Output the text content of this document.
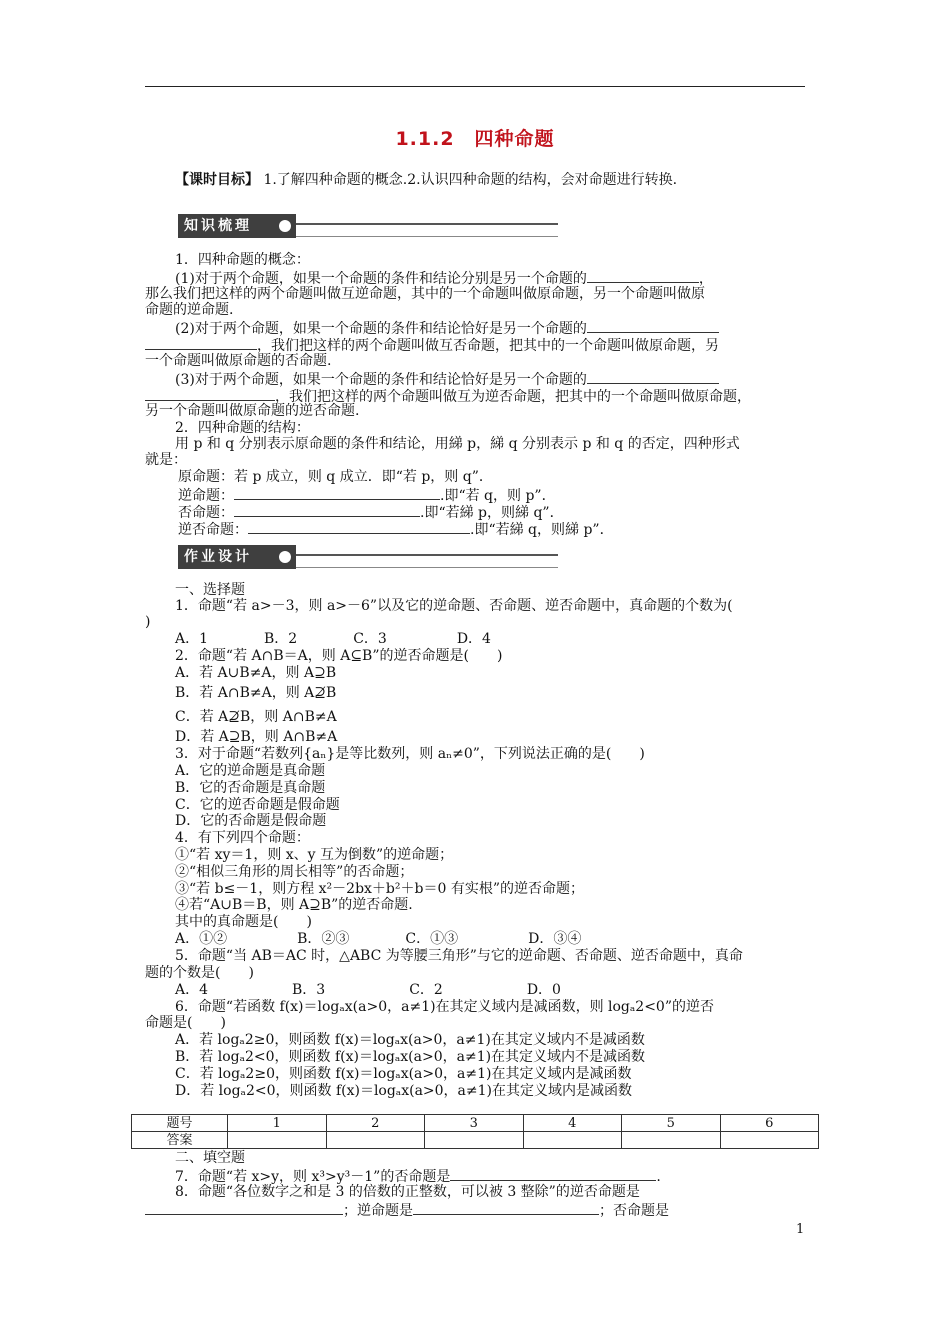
1.1.2　四种命题
【课时目标】 1.了解四种命题的概念.2.认识四种命题的结构，会对命题进行转换.
知识梳理
1．四种命题的概念：
(1)对于两个命题，如果一个命题的条件和结论分别是另一个命题的	，
那么我们把这样的两个命题叫做互逆命题，其中的一个命题叫做原命题，另一个命题叫做原
命题的逆命题.
(2)对于两个命题，如果一个命题的条件和结论恰好是另一个命题的
，我们把这样的两个命题叫做互否命题，把其中的一个命题叫做原命题，另
一个命题叫做原命题的否命题.
(3)对于两个命题，如果一个命题的条件和结论恰好是另一个命题的
，我们把这样的两个命题叫做互为逆否命题，把其中的一个命题叫做原命题，
另一个命题叫做原命题的逆否命题.
2．四种命题的结构：
用 p 和 q 分别表示原命题的条件和结论，用綈 p，綈 q 分别表示 p 和 q 的否定，四种形式
就是：
原命题：若 p 成立，则 q 成立．即“若 p，则 q”．
逆命题：	.即“若 q，则 p”．
否命题：	.即“若綈 p，则綈 q”．
逆否命题：	.即“若綈 q，则綈 p”．
作业设计
一、选择题
1．命题“若 a>－3，则 a>－6”以及它的逆命题、否命题、逆否命题中，真命题的个数为(
)
A．1　　　　B．2　　　　C．3　　　　　D．4
2．命题“若 A∩B＝A，则 A⊆B”的逆否命题是(　　)
A．若 A∪B≠A，则 A⊇B
B．若 A∩B≠A，则 A⊉B
C．若 A⊉B，则 A∩B≠A
D．若 A⊇B，则 A∩B≠A
3．对于命题“若数列{aₙ}是等比数列，则 aₙ≠0”，下列说法正确的是(　　)
A．它的逆命题是真命题
B．它的否命题是真命题
C．它的逆否命题是假命题
D．它的否命题是假命题
4．有下列四个命题：
①“若 xy＝1，则 x、y 互为倒数”的逆命题；
②“相似三角形的周长相等”的否命题；
③“若 b≤－1，则方程 x²－2bx＋b²＋b＝0 有实根”的逆否命题；
④若“A∪B＝B，则 A⊇B”的逆否命题.
其中的真命题是(　　)
A．①②　　　　　B．②③　　　　C．①③　　　　　D．③④
5．命题“当 AB＝AC 时，△ABC 为等腰三角形”与它的逆命题、否命题、逆否命题中，真命
题的个数是(　　)
A．4　　　　　　B．3　　　　　　C．2　　　　　　D．0
6．命题“若函数 f(x)＝logₐx(a>0，a≠1)在其定义域内是减函数，则 logₐ2<0”的逆否
命题是(　　)
A．若 logₐ2≥0，则函数 f(x)＝logₐx(a>0，a≠1)在其定义域内不是减函数
B．若 logₐ2<0，则函数 f(x)＝logₐx(a>0，a≠1)在其定义域内不是减函数
C．若 logₐ2≥0，则函数 f(x)＝logₐx(a>0，a≠1)在其定义域内是减函数
D．若 logₐ2<0，则函数 f(x)＝logₐx(a>0，a≠1)在其定义域内是减函数
题号	1	2	3	4	5	6
答案						
二、填空题
7．命题“若 x>y，则 x³>y³－1”的否命题是	.
8．命题“各位数字之和是 3 的倍数的正整数，可以被 3 整除”的逆否命题是
；逆命题是	；否命题是
1
